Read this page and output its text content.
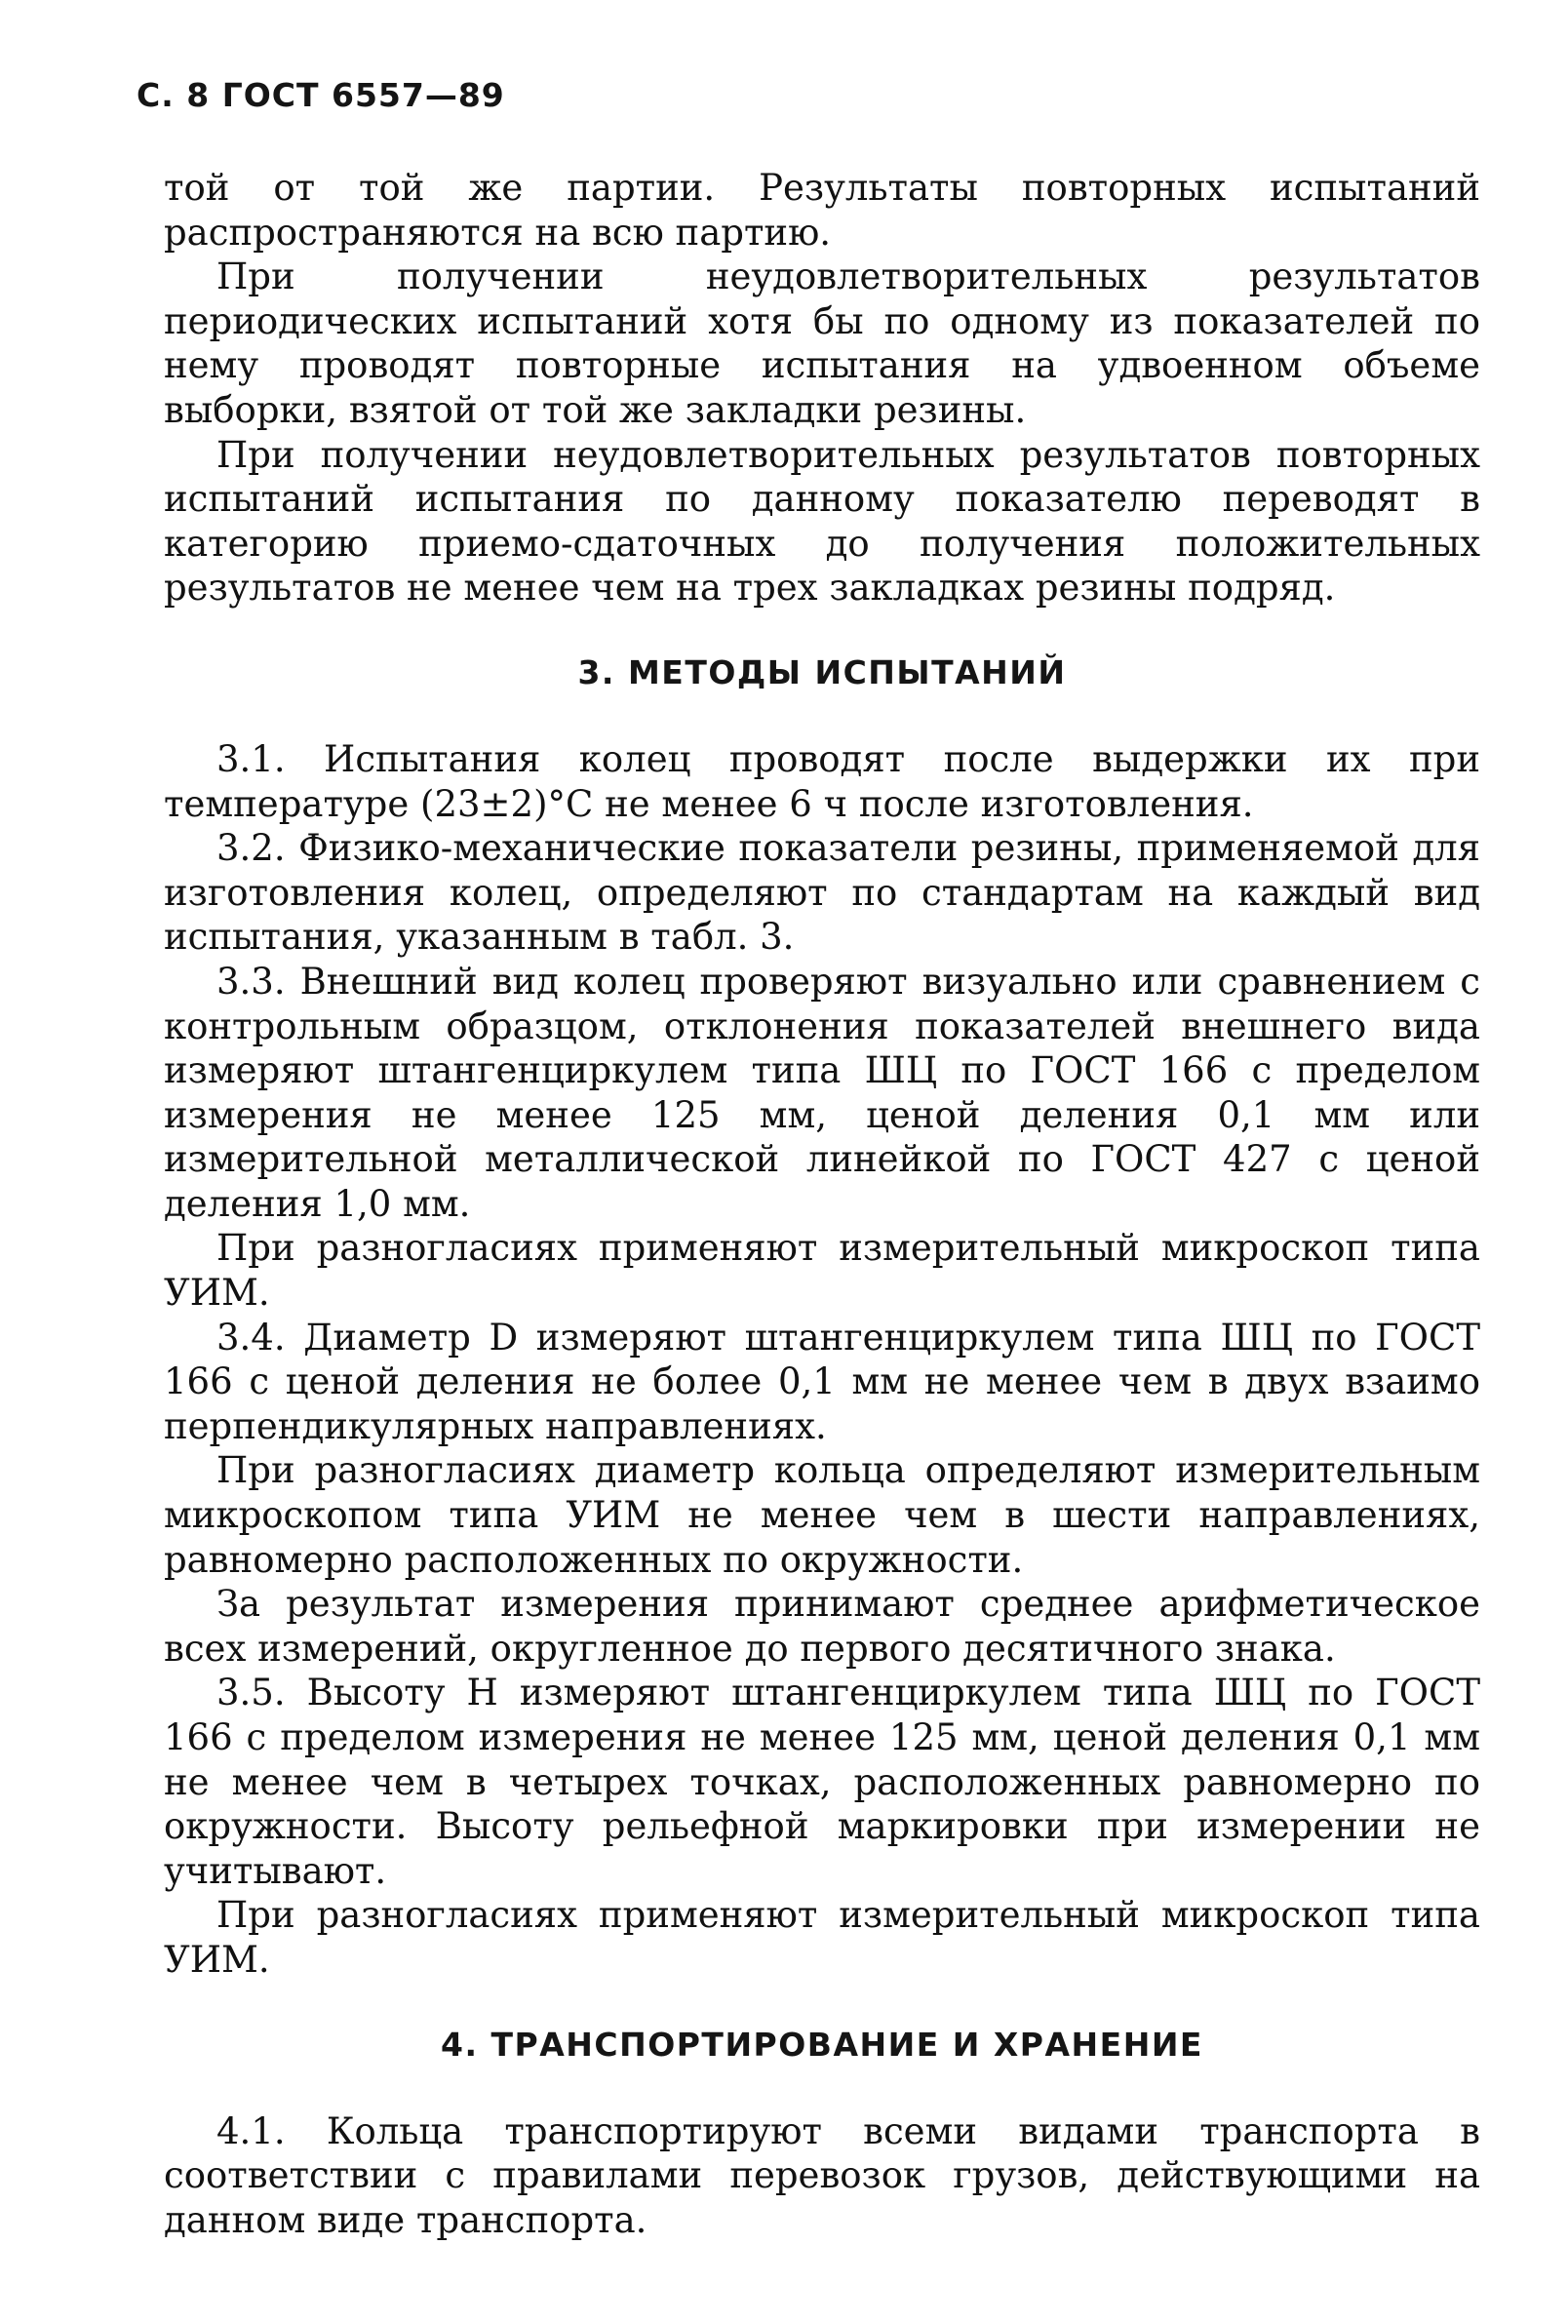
С. 8 ГОСТ 6557—89

той от той же партии. Результаты повторных испытаний распространяются на всю партию.

При получении неудовлетворительных результатов периодических испытаний хотя бы по одному из показателей по нему проводят повторные испытания на удвоенном объеме выборки, взятой от той же закладки резины.

При получении неудовлетворительных результатов повторных испытаний испытания по данному показателю переводят в категорию приемо-сдаточных до получения положительных результатов не менее чем на трех закладках резины подряд.

3. МЕТОДЫ ИСПЫТАНИЙ

3.1. Испытания колец проводят после выдержки их при температуре (23±2)°С не менее 6 ч после изготовления.

3.2. Физико-механические показатели резины, применяемой для изготовления колец, определяют по стандартам на каждый вид испытания, указанным в табл. 3.

3.3. Внешний вид колец проверяют визуально или сравнением с контрольным образцом, отклонения показателей внешнего вида измеряют штангенциркулем типа ШЦ по ГОСТ 166 с пределом измерения не менее 125 мм, ценой деления 0,1 мм или измерительной металлической линейкой по ГОСТ 427 с ценой деления 1,0 мм.

При разногласиях применяют измерительный микроскоп типа УИМ.

3.4. Диаметр D измеряют штангенциркулем типа ШЦ по ГОСТ 166 с ценой деления не более 0,1 мм не менее чем в двух взаимо перпендикулярных направлениях.

При разногласиях диаметр кольца определяют измерительным микроскопом типа УИМ не менее чем в шести направлениях, равномерно расположенных по окружности.

За результат измерения принимают среднее арифметическое всех измерений, округленное до первого десятичного знака.

3.5. Высоту H измеряют штангенциркулем типа ШЦ по ГОСТ 166 с пределом измерения не менее 125 мм, ценой деления 0,1 мм не менее чем в четырех точках, расположенных равномерно по окружности. Высоту рельефной маркировки при измерении не учитывают.

При разногласиях применяют измерительный микроскоп типа УИМ.

4. ТРАНСПОРТИРОВАНИЕ И ХРАНЕНИЕ

4.1. Кольца транспортируют всеми видами транспорта в соответствии с правилами перевозок грузов, действующими на данном виде транспорта.
